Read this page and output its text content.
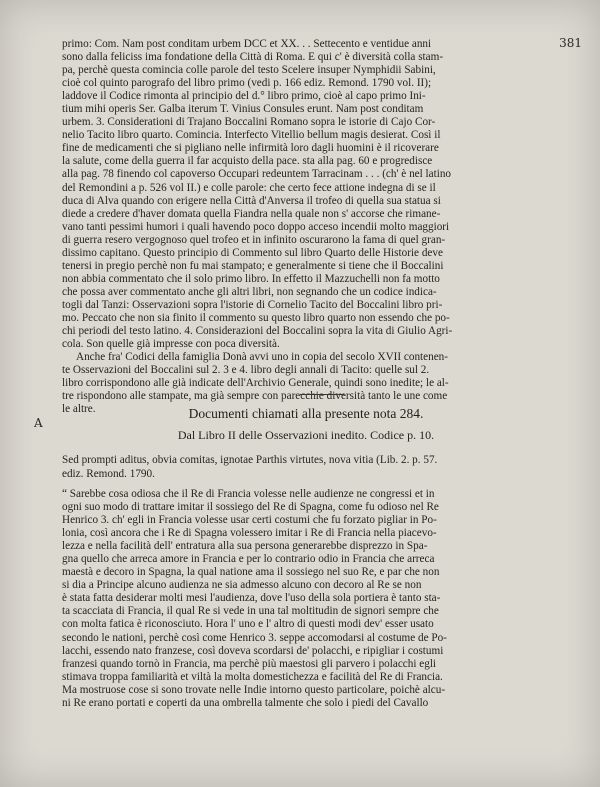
381
A
primo: Com. Nam post conditam urbem DCC et XX. . . Settecento e ventidue anni
sono dalla feliciss ima fondatione della Città di Roma. E qui c' è diversità colla stam-
pa, perchè questa comincia colle parole del testo Scelere insuper Nymphidii Sabini,
cioè col quinto parografo del libro primo (vedi p. 166 ediz. Remond. 1790 vol. II);
laddove il Codice rimonta al principio del d.° libro primo, cioè al capo primo Ini-
tium mihi operis Ser. Galba iterum T. Vinius Consules erunt. Nam post conditam
urbem. 3. Considerationi di Trajano Boccalini Romano sopra le istorie di Cajo Cor-
nelio Tacito libro quarto. Comincia. Interfecto Vitellio bellum magis desierat. Così il
fine de medicamenti che si pigliano nelle infirmità loro dagli huomini è il ricoverare
la salute, come della guerra il far acquisto della pace. sta alla pag. 60 e progredisce
alla pag. 78 finendo col capoverso Occupari redeuntem Tarracinam . . . (ch' è nel latino
del Remondini a p. 526 vol II.) e colle parole: che certo fece attione indegna di se il
duca di Alva quando con erigere nella Città d'Anversa il trofeo di quella sua statua si
diede a credere d'haver domata quella Fiandra nella quale non s' accorse che rimane-
vano tanti pessimi humori i quali havendo poco doppo acceso incendii molto maggiori
di guerra resero vergognoso quel trofeo et in infinito oscurarono la fama di quel gran-
dissimo capitano. Questo principio di Commento sul libro Quarto delle Historie deve
tenersi in pregio perchè non fu mai stampato; e generalmente si tiene che il Boccalini
non abbia commentato che il solo primo libro. In effetto il Mazzuchelli non fa motto
che possa aver commentato anche gli altri libri, non segnando che un codice indica-
togli dal Tanzi: Osservazioni sopra l'istorie di Cornelio Tacito del Boccalini libro pri-
mo. Peccato che non sia finito il commento su questo libro quarto non essendo che po-
chi periodi del testo latino. 4. Considerazioni del Boccalini sopra la vita di Giulio Agri-
cola. Son quelle già impresse con poca diversità.
Anche fra' Codici della famiglia Donà avvi uno in copia del secolo XVII contenen-
te Osservazioni del Boccalini sul 2. 3 e 4. libro degli annali di Tacito: quelle sul 2.
libro corrispondono alle già indicate dell'Archivio Generale, quindi sono inedite; le al-
tre rispondono alle stampate, ma già sempre con parecchie diversità tanto le une come
le altre.	Documenti chiamati alla presente nota 284.
Dal Libro II delle Osservazioni inedito. Codice p. 10.
Sed prompti aditus, obvia comitas, ignotae Parthis virtutes, nova vitia (Lib. 2. p. 57.
ediz. Remond. 1790.
“ Sarebbe cosa odiosa che il Re di Francia volesse nelle audienze ne congressi et in
ogni suo modo di trattare imitar il sossiego del Re di Spagna, come fu odioso nel Re
Henrico 3. ch' egli in Francia volesse usar certi costumi che fu forzato pigliar in Po-
lonia, così ancora che i Re di Spagna volessero imitar i Re di Francia nella piacevo-
lezza e nella facilità dell' entratura alla sua persona generarebbe disprezzo in Spa-
gna quello che arreca amore in Francia e per lo contrario odio in Francia che arreca
maestà e decoro in Spagna, la qual natione ama il sossiego nel suo Re, e par che non
si dia a Principe alcuno audienza ne sia admesso alcuno con decoro al Re se non
è stata fatta desiderar molti mesi l'audienza, dove l'uso della sola portiera è tanto sta-
ta scacciata di Francia, il qual Re si vede in una tal moltitudin de signori sempre che
con molta fatica è riconosciuto. Hora l' uno e l' altro di questi modi dev' esser usato
secondo le nationi, perchè così come Henrico 3. seppe accomodarsi al costume de Po-
lacchi, essendo nato franzese, così doveva scordarsi de' polacchi, e ripigliar i costumi
franzesi quando tornò in Francia, ma perchè più maestosi gli parvero i polacchi egli
stimava troppa familiarità et viltà la molta domestichezza e facilità del Re di Francia.
Ma mostruose cose si sono trovate nelle Indie intorno questo particolare, poichè alcu-
ni Re erano portati e coperti da una ombrella talmente che solo i piedi del Cavallo
